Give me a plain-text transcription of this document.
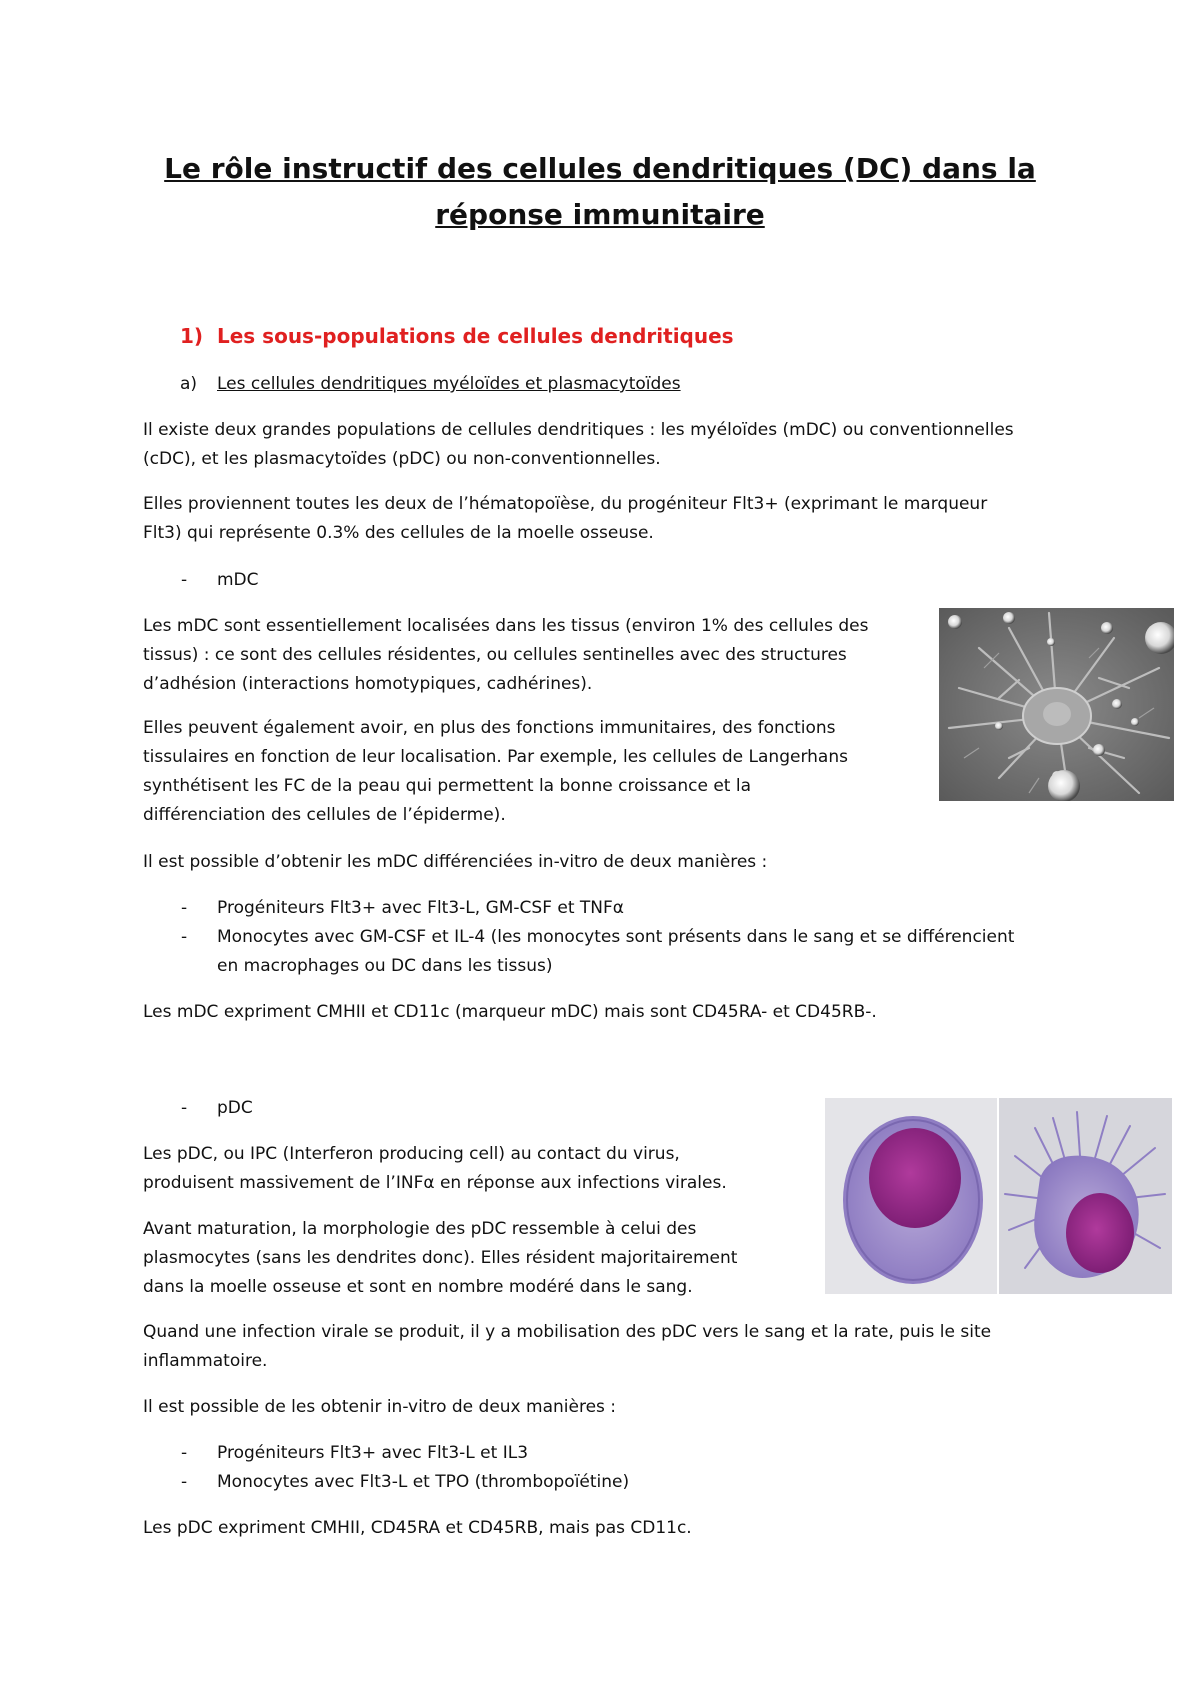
Le rôle instructif des cellules dendritiques (DC) dans la
réponse immunitaire
1) Les sous-populations de cellules dendritiques
a) Les cellules dendritiques myéloïdes et plasmacytoïdes
Il existe deux grandes populations de cellules dendritiques : les myéloïdes (mDC) ou conventionnelles
(cDC), et les plasmacytoïdes (pDC) ou non-conventionnelles.
Elles proviennent toutes les deux de l’hématopoïèse, du progéniteur Flt3+ (exprimant le marqueur
Flt3) qui représente 0.3% des cellules de la moelle osseuse.
- mDC
Les mDC sont essentiellement localisées dans les tissus (environ 1% des cellules des
tissus) : ce sont des cellules résidentes, ou cellules sentinelles avec des structures
d’adhésion (interactions homotypiques, cadhérines).
Elles peuvent également avoir, en plus des fonctions immunitaires, des fonctions
tissulaires en fonction de leur localisation. Par exemple, les cellules de Langerhans
synthétisent les FC de la peau qui permettent la bonne croissance et la
différenciation des cellules de l’épiderme).
Il est possible d’obtenir les mDC différenciées in-vitro de deux manières :
- Progéniteurs Flt3+ avec Flt3-L, GM-CSF et TNFα
- Monocytes avec GM-CSF et IL-4 (les monocytes sont présents dans le sang et se différencient
en macrophages ou DC dans les tissus)
Les mDC expriment CMHII et CD11c (marqueur mDC) mais sont CD45RA- et CD45RB-.
- pDC
Les pDC, ou IPC (Interferon producing cell) au contact du virus,
produisent massivement de l’INFα en réponse aux infections virales.
Avant maturation, la morphologie des pDC ressemble à celui des
plasmocytes (sans les dendrites donc). Elles résident majoritairement
dans la moelle osseuse et sont en nombre modéré dans le sang.
Quand une infection virale se produit, il y a mobilisation des pDC vers le sang et la rate, puis le site
inflammatoire.
Il est possible de les obtenir in-vitro de deux manières :
- Progéniteurs Flt3+ avec Flt3-L et IL3
- Monocytes avec Flt3-L et TPO (thrombopoïétine)
Les pDC expriment CMHII, CD45RA et CD45RB, mais pas CD11c.
